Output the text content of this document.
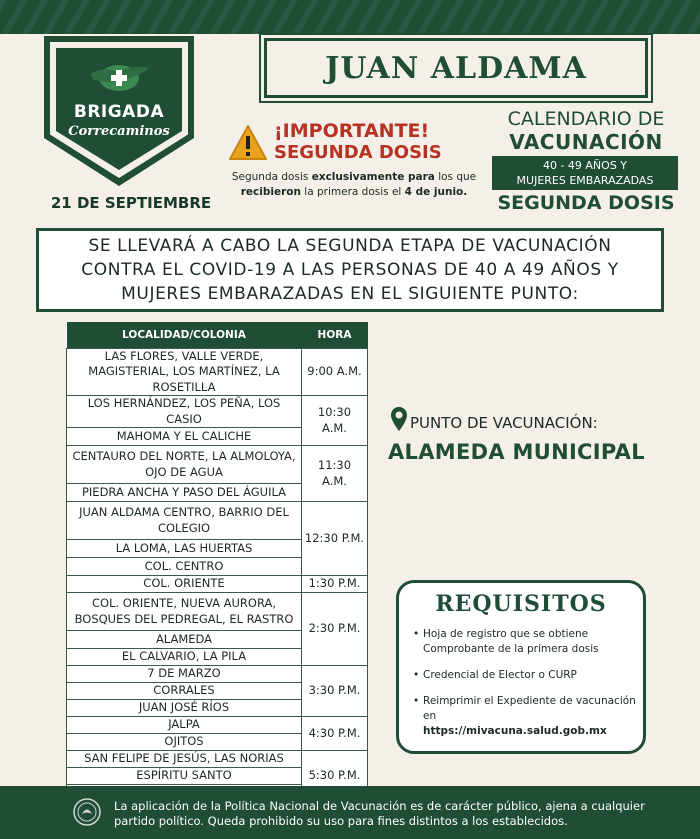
BRIGADA
Correcaminos
21 DE SEPTIEMBRE
JUAN ALDAMA
¡IMPORTANTE!
SEGUNDA DOSIS
Segunda dosis exclusivamente para los que recibieron la primera dosis el 4 de junio.
CALENDARIO DE
VACUNACIÓN
40 - 49 AÑOS Y
MUJERES EMBARAZADAS
SEGUNDA DOSIS

SE LLEVARÁ A CABO LA SEGUNDA ETAPA DE VACUNACIÓN CONTRA EL COVID-19 A LAS PERSONAS DE 40 A 49 AÑOS Y MUJERES EMBARAZADAS EN EL SIGUIENTE PUNTO:

LOCALIDAD/COLONIA	HORA
LAS FLORES, VALLE VERDE, MAGISTERIAL, LOS MARTÍNEZ, LA ROSETILLA	9:00 A.M.
LOS HERNÁNDEZ, LOS PEÑA, LOS CASIO	10:30 A.M.
MAHOMA Y EL CALICHE	
CENTAURO DEL NORTE, LA ALMOLOYA, OJO DE AGUA	11:30 A.M.
PIEDRA ANCHA Y PASO DEL ÁGUILA	
JUAN ALDAMA CENTRO, BARRIO DEL COLEGIO	12:30 P.M.
LA LOMA, LAS HUERTAS	
COL. CENTRO	
COL. ORIENTE	1:30 P.M.
COL. ORIENTE, NUEVA AURORA, BOSQUES DEL PEDREGAL, EL RASTRO	2:30 P.M.
ALAMEDA	
EL CALVARIO, LA PILA	
7 DE MARZO	3:30 P.M.
CORRALES	
JUAN JOSÉ RÍOS	
JALPA	4:30 P.M.
OJITOS	
SAN FELIPE DE JESÚS, LAS NORIAS	5:30 P.M.
ESPÍRITU SANTO	

PUNTO DE VACUNACIÓN:
ALAMEDA MUNICIPAL
REQUISITOS
• Hoja de registro que se obtiene
Comprobante de la primera dosis
• Credencial de Elector o CURP
• Reimprimir el Expediente de vacunación en
https://mivacuna.salud.gob.mx
La aplicación de la Política Nacional de Vacunación es de carácter público, ajena a cualquier partido político. Queda prohibido su uso para fines distintos a los establecidos.
